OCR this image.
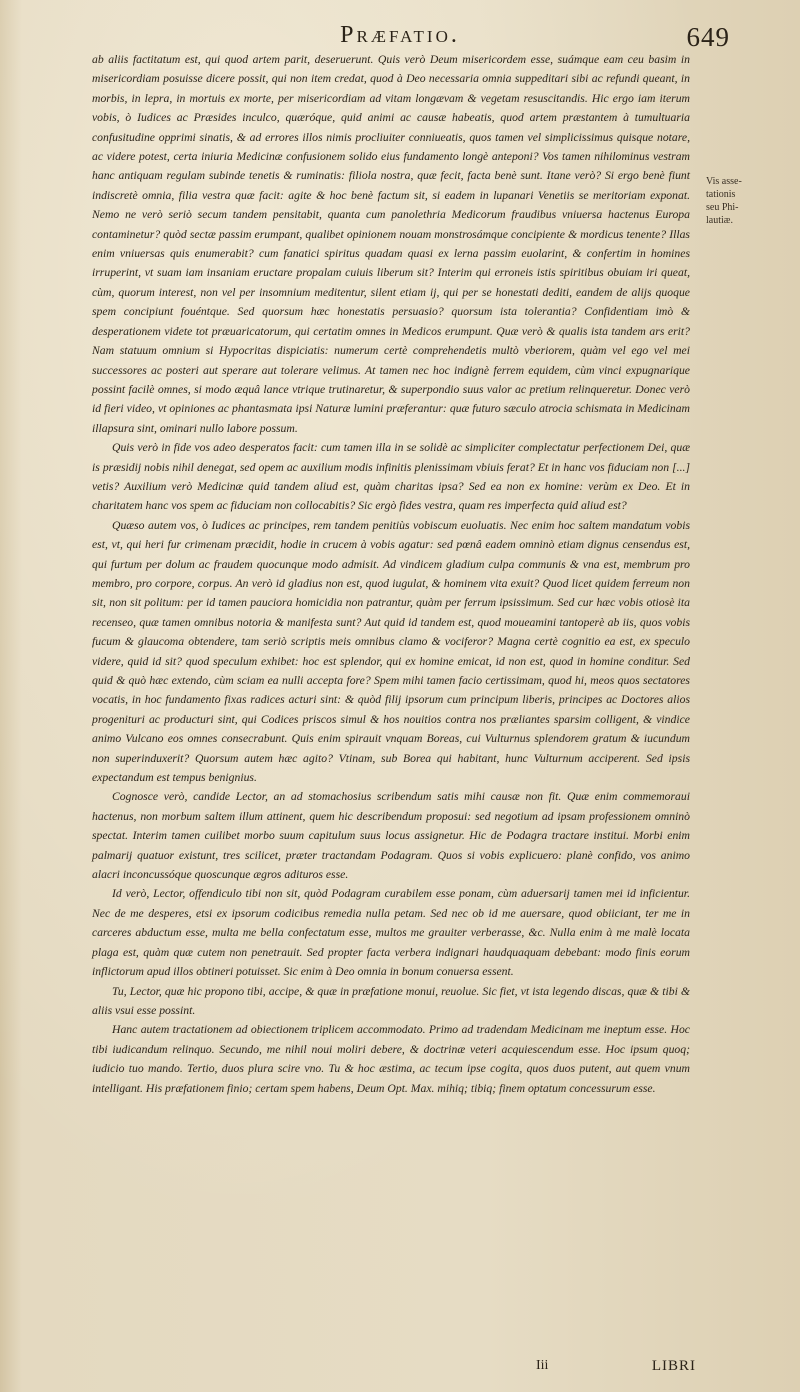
Præfatio.	649

ab aliis factitatum est, qui quod artem parit, deseruerunt. Quis verò Deum misericordem esse, suámque eam ceu basim in misericordiam posuisse dicere possit, qui non item credat, quod à Deo necessaria omnia suppeditari sibi ac refundi queant, in morbis, in lepra, in mortuis ex morte, per misericordiam ad vitam longævam & vegetam resuscitandis. Hic ergo iam iterum vobis, ò Iudices ac Præsides inculco, quæróque, quid animi ac causæ habeatis, quod artem præstantem à tumultuaria confusitudine opprimi sinatis, & ad errores illos nimis procliuiter conniueatis, quos tamen vel simplicissimus quisque notare, ac videre potest, certa iniuria Medicinæ confusionem solido eius fundamento longè anteponi? Vos tamen nihilominus vestram hanc antiquam regulam subinde tenetis & ruminatis: filiola nostra, quæ fecit, facta benè sunt. Itane verò? Si ergo benè fiunt indiscretè omnia, filia vestra quæ facit: agite & hoc benè factum sit, si eadem in lupanari Venetiis se meritoriam exponat. Nemo ne verò seriò secum tandem pensitabit, quanta cum panolethria Medicorum fraudibus vniuersa hactenus Europa contaminetur? quòd sectæ passim erumpant, qualibet opinionem nouam monstrosámque concipiente & mordicus tenente? Illas enim vniuersas quis enumerabit? cum fanatici spiritus quadam quasi ex lerna passim euolarint, & confertim in homines irruperint, vt suam iam insaniam eructare propalam cuiuis liberum sit? Interim qui erroneis istis spiritibus obuiam iri queat, cùm, quorum interest, non vel per insomnium meditentur, silent etiam ij, qui per se honestati dediti, eandem de alijs quoque spem concipiunt fouéntque. Sed quorsum hæc honestatis persuasio? quorsum ista tolerantia? Confidentiam imò & desperationem videte tot præuaricatorum, qui certatim omnes in Medicos erumpunt. Quæ verò & qualis ista tandem ars erit? Nam statuum omnium si Hypocritas dispiciatis: numerum certè comprehendetis multò vberiorem, quàm vel ego vel mei successores ac posteri aut sperare aut tolerare velimus. At tamen nec hoc indignè ferrem equidem, cùm vinci expugnarique possint facilè omnes, si modo æquâ lance vtrique trutinaretur, & superpondio suus valor ac pretium relinqueretur. Donec verò id fieri video, vt opiniones ac phantasmata ipsi Naturæ lumini præferantur: quæ futuro sæculo atrocia schismata in Medicinam illapsura sint, ominari nullo labore possum.

Quis verò in fide vos adeo desperatos facit: cum tamen illa in se solidè ac simpliciter complectatur perfectionem Dei, quæ is præsidij nobis nihil denegat, sed opem ac auxilium modis infinitis plenissimam vbiuis ferat? Et in hanc vos fiduciam non [...] vetis? Auxilium verò Medicinæ quid tandem aliud est, quàm charitas ipsa? Sed ea non ex homine: verùm ex Deo. Et in charitatem hanc vos spem ac fiduciam non collocabitis? Sic ergò fides vestra, quam res imperfecta quid aliud est?

Quæso autem vos, ò Iudices ac principes, rem tandem penitiùs vobiscum euoluatis. Nec enim hoc saltem mandatum vobis est, vt, qui heri fur crimenam præcidit, hodie in crucem à vobis agatur: sed pœnâ eadem omninò etiam dignus censendus est, qui furtum per dolum ac fraudem quocunque modo admisit. Ad vindicem gladium culpa communis & vna est, membrum pro membro, pro corpore, corpus. An verò id gladius non est, quod iugulat, & hominem vita exuit? Quod licet quidem ferreum non sit, non sit politum: per id tamen pauciora homicidia non patrantur, quàm per ferrum ipsissimum. Sed cur hæc vobis otiosè ita recenseo, quæ tamen omnibus notoria & manifesta sunt? Aut quid id tandem est, quod moueamini tantoperè ab iis, quos vobis fucum & glaucoma obtendere, tam seriò scriptis meis omnibus clamo & vociferor? Magna certè cognitio ea est, ex speculo videre, quid id sit? quod speculum exhibet: hoc est splendor, qui ex homine emicat, id non est, quod in homine conditur. Sed quid & quò hæc extendo, cùm sciam ea nulli accepta fore? Spem mihi tamen facio certissimam, quod hi, meos quos sectatores vocatis, in hoc fundamento fixas radices acturi sint: & quòd filij ipsorum cum principum liberis, principes ac Doctores alios progenituri ac producturi sint, qui Codices priscos simul & hos nouitios contra nos præliantes sparsim colligent, & vindice animo Vulcano eos omnes consecrabunt. Quis enim spirauit vnquam Boreas, cui Vulturnus splendorem gratum & iucundum non superinduxerit? Quorsum autem hæc agito? Vtinam, sub Borea qui habitant, hunc Vulturnum acciperent. Sed ipsis expectandum est tempus benignius.

Cognosce verò, candide Lector, an ad stomachosius scribendum satis mihi causæ non fit. Quæ enim commemoraui hactenus, non morbum saltem illum attinent, quem hic describendum proposui: sed negotium ad ipsam professionem omninò spectat. Interim tamen cuilibet morbo suum capitulum suus locus assignetur. Hic de Podagra tractare institui. Morbi enim palmarij quatuor existunt, tres scilicet, præter tractandam Podagram. Quos si vobis explicuero: planè confido, vos animo alacri inconcussóque quoscunque ægros adituros esse.

Id verò, Lector, offendiculo tibi non sit, quòd Podagram curabilem esse ponam, cùm aduersarij tamen mei id inficientur. Nec de me desperes, etsi ex ipsorum codicibus remedia nulla petam. Sed nec ob id me auersare, quod obiiciant, ter me in carceres abductum esse, multa me bella confectatum esse, multos me grauiter verberasse, &c. Nulla enim à me malè locata plaga est, quàm quæ cutem non penetrauit. Sed propter facta verbera indignari haudquaquam debebant: modo finis eorum inflictorum apud illos obtineri potuisset. Sic enim à Deo omnia in bonum conuersa essent.

Tu, Lector, quæ hic propono tibi, accipe, & quæ in præfatione monui, reuolue. Sic fiet, vt ista legendo discas, quæ & tibi & aliis vsui esse possint.

Hanc autem tractationem ad obiectionem triplicem accommodato. Primo ad tradendam Medicinam me ineptum esse. Hoc tibi iudicandum relinquo. Secundo, me nihil noui moliri debere, & doctrinæ veteri acquiescendum esse. Hoc ipsum quoq; iudicio tuo mando. Tertio, duos plura scire vno. Tu & hoc æstima, ac tecum ipse cogita, quos duos putent, aut quem vnum intelligant. His præfationem finio; certam spem habens, Deum Opt. Max. mihiq; tibiq; finem optatum concessurum esse.

Vis asse-
tationis
seu Phi-
lautiæ.
Iii	LIBRI
